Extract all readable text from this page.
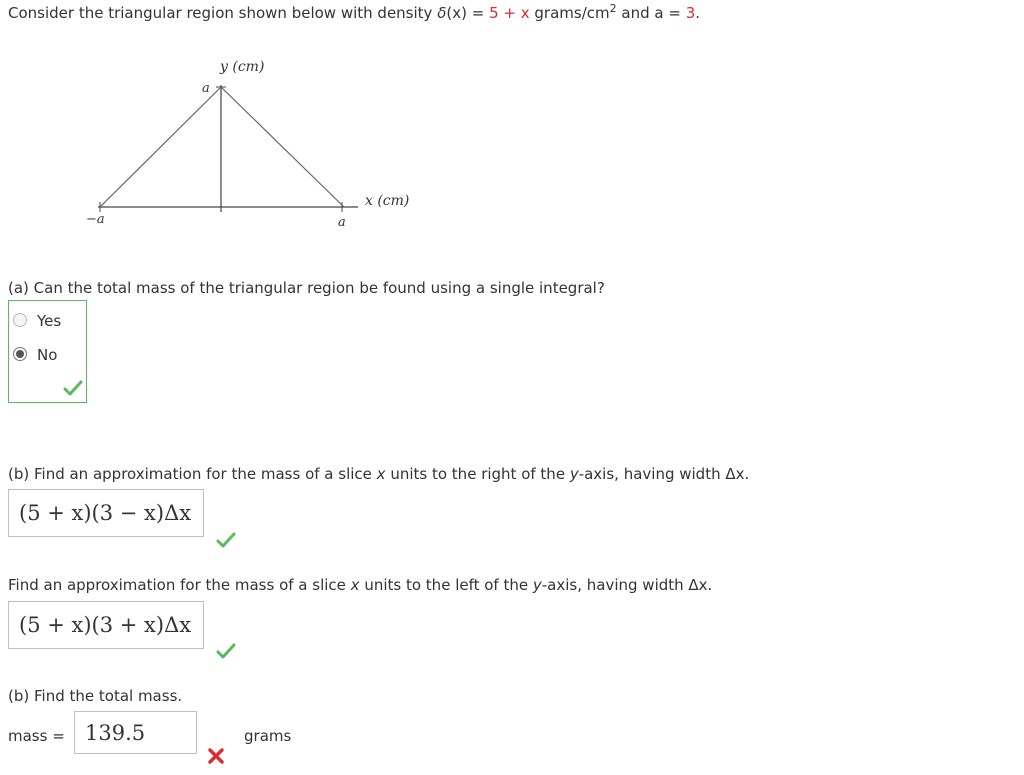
Consider the triangular region shown below with density δ(x) = 5 + x grams/$cm^2$ and a = 3.
y (cm)
a
x (cm)
−a	a
(a) Can the total mass of the triangular region be found using a single integral?
Yes
No
(b) Find an approximation for the mass of a slice x units to the right of the y-axis, having width Δx.
(5 + x)(3 − x)Δx
Find an approximation for the mass of a slice x units to the left of the y-axis, having width Δx.
(5 + x)(3 + x)Δx
(b) Find the total mass.
mass = 139.5	grams
